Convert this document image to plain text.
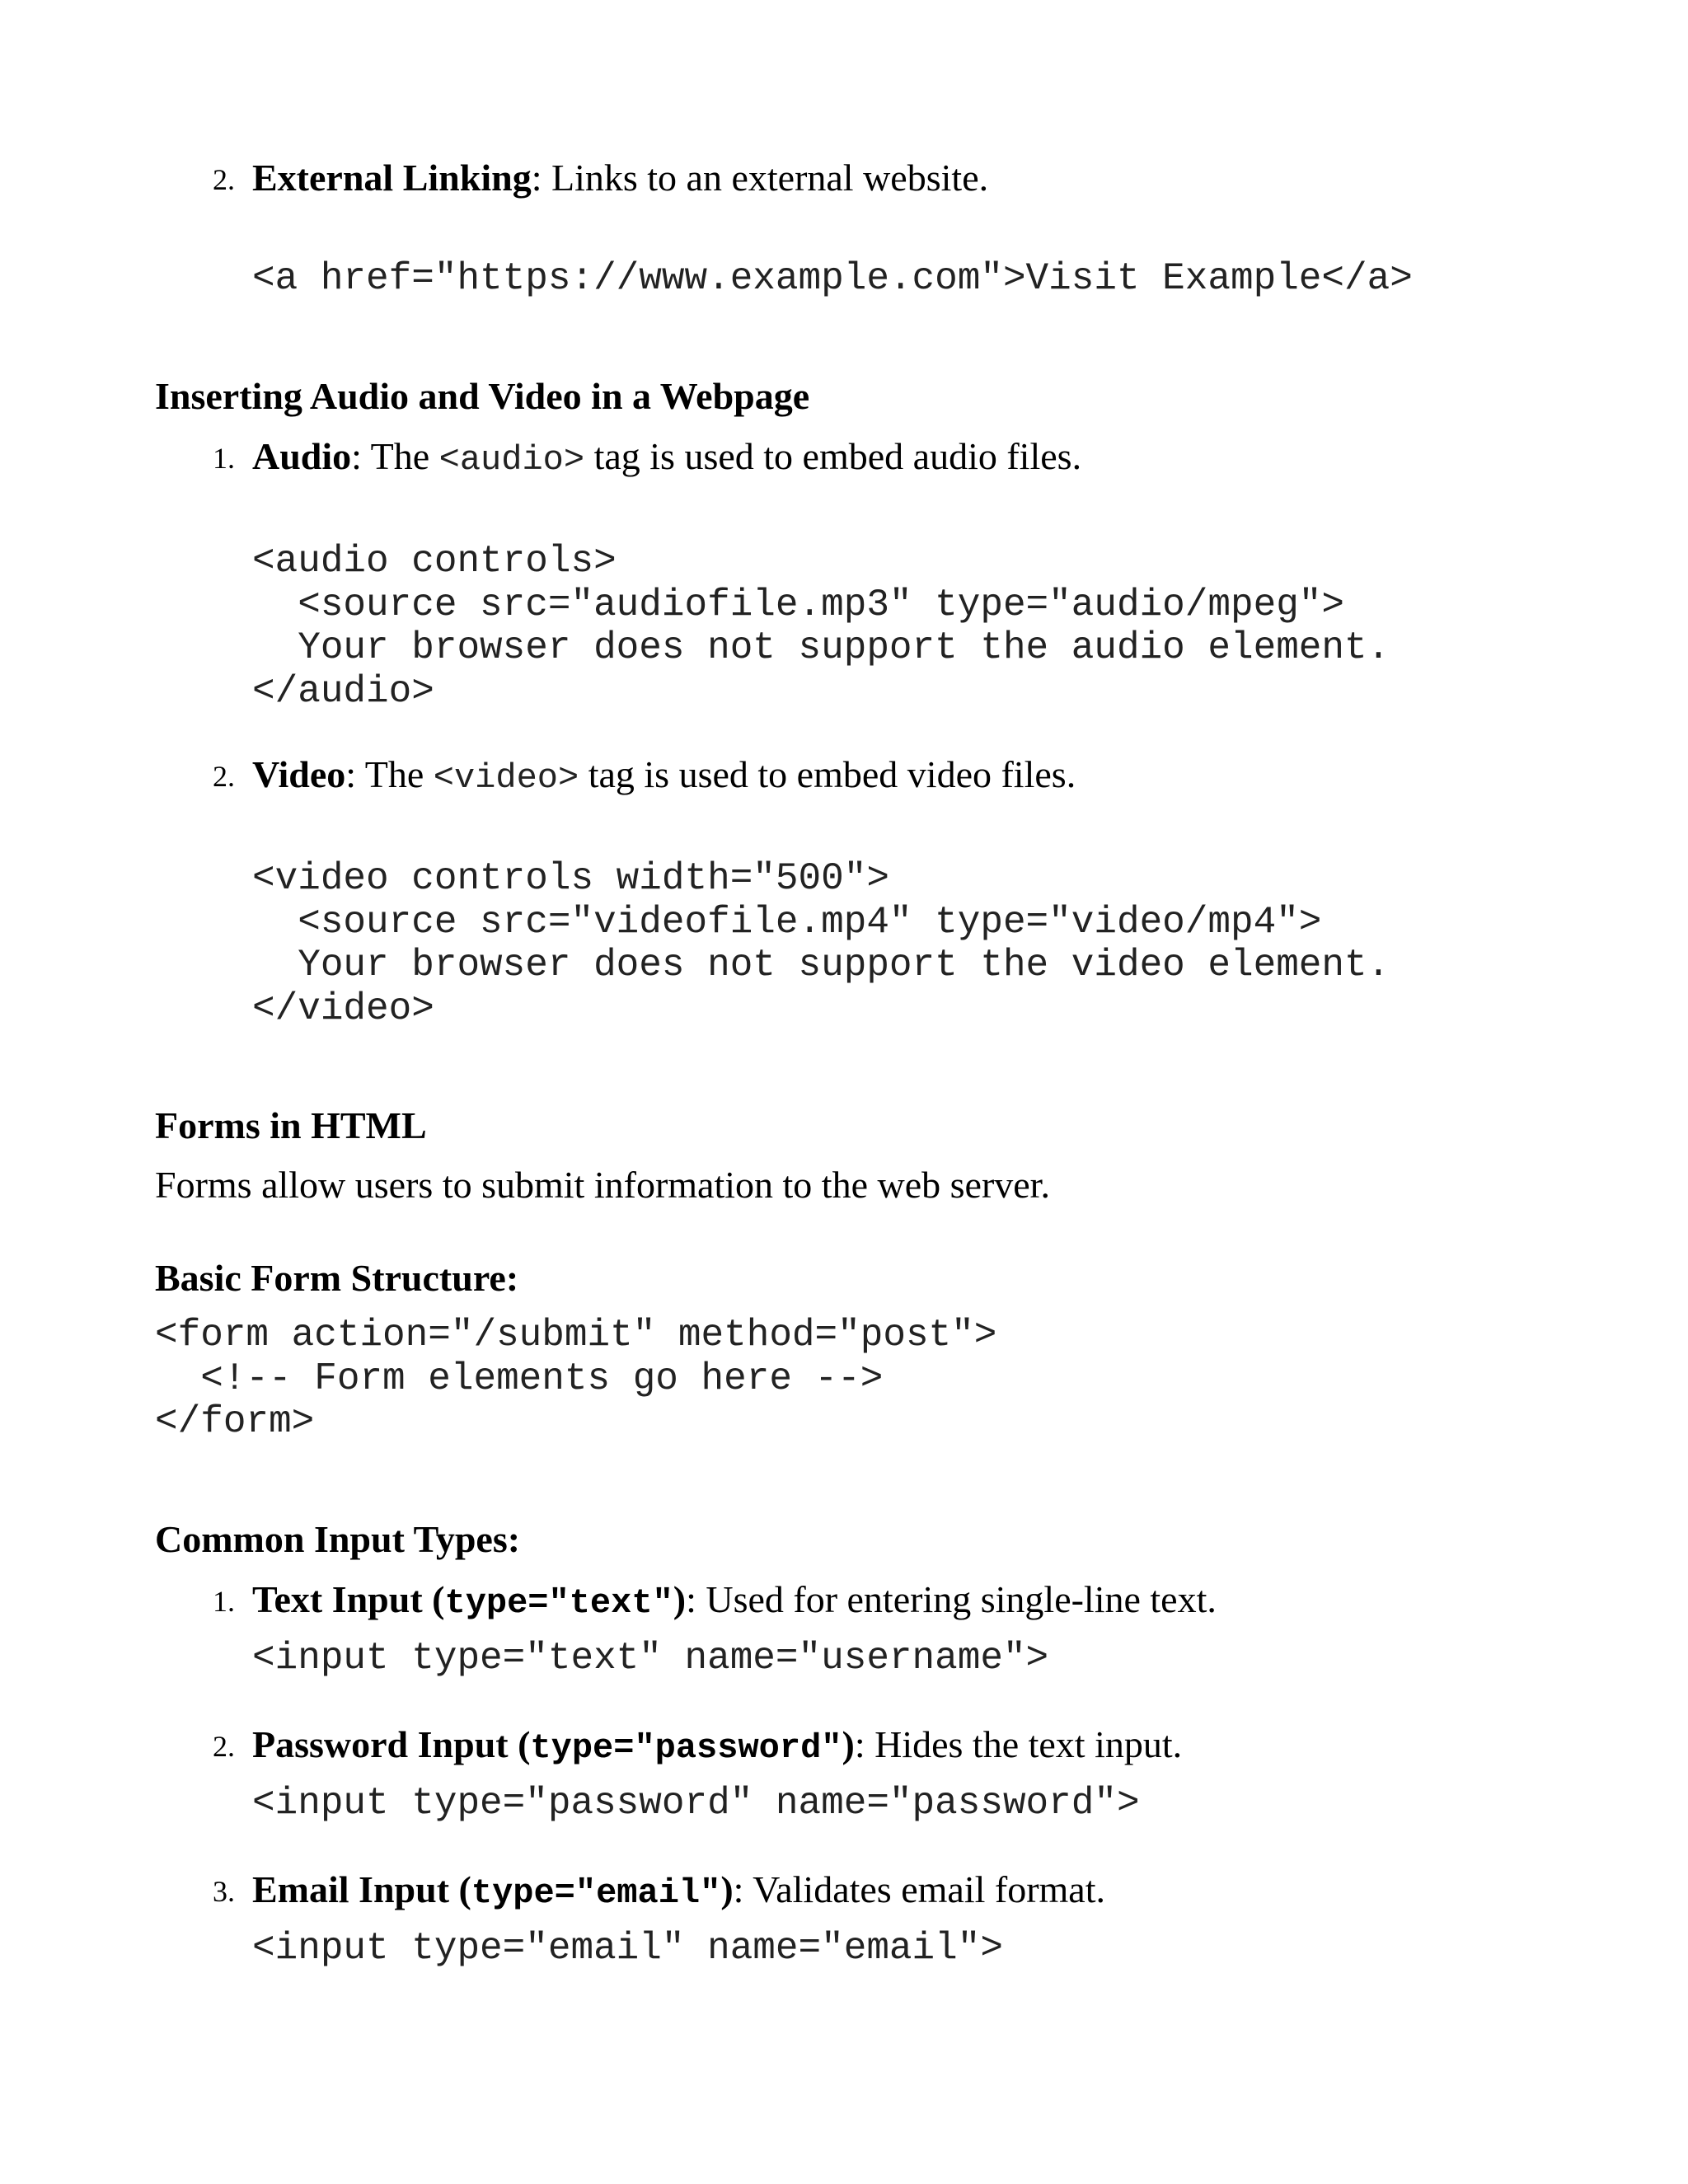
2. External Linking: Links to an external website.
<a href="https://www.example.com">Visit Example</a>
Inserting Audio and Video in a Webpage
1. Audio: The <audio> tag is used to embed audio files.
<audio controls>
<source src="audiofile.mp3" type="audio/mpeg">
Your browser does not support the audio element.
</audio>
2. Video: The <video> tag is used to embed video files.
<video controls width="500">
<source src="videofile.mp4" type="video/mp4">
Your browser does not support the video element.
</video>
Forms in HTML
Forms allow users to submit information to the web server.
Basic Form Structure:
<form action="/submit" method="post">
<!-- Form elements go here -->
</form>
Common Input Types:
1. Text Input (type="text"): Used for entering single-line text.
<input type="text" name="username">
2. Password Input (type="password"): Hides the text input.
<input type="password" name="password">
3. Email Input (type="email"): Validates email format.
<input type="email" name="email">
